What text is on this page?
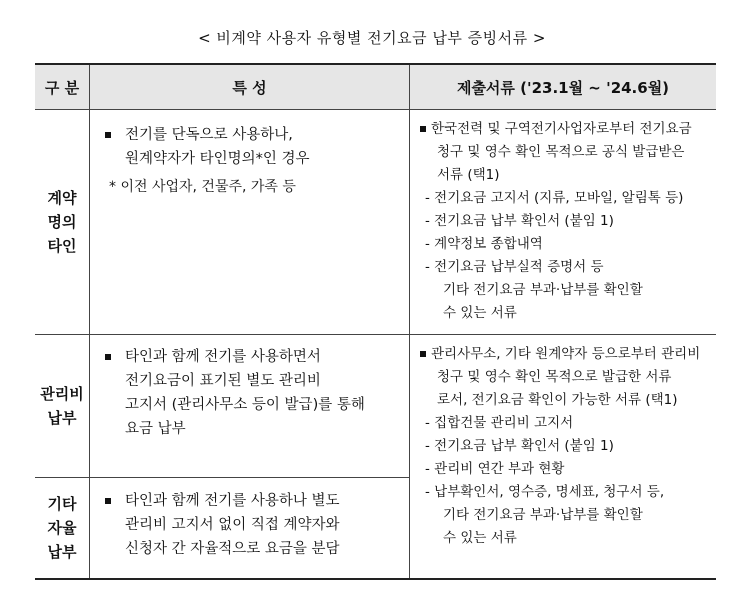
< 비계약 사용자 유형별 전기요금 납부 증빙서류 >
구 분	특 성	제출서류 ('23.1월 ~ '24.6월)
계약
명의
타인
전기를 단독으로 사용하나,
원계약자가 타인명의*인 경우
* 이전 사업자, 건물주, 가족 등
한국전력 및 구역전기사업자로부터 전기요금
청구 및 영수 확인 목적으로 공식 발급받은
서류 (택1)
- 전기요금 고지서 (지류, 모바일, 알림톡 등)
- 전기요금 납부 확인서 (붙임 1)
- 계약정보 종합내역
- 전기요금 납부실적 증명서 등
기타 전기요금 부과·납부를 확인할
수 있는 서류
관리비
납부
타인과 함께 전기를 사용하면서
전기요금이 표기된 별도 관리비
고지서 (관리사무소 등이 발급)를 통해
요금 납부
기타
자율
납부
타인과 함께 전기를 사용하나 별도
관리비 고지서 없이 직접 계약자와
신청자 간 자율적으로 요금을 분담
관리사무소, 기타 원계약자 등으로부터 관리비
청구 및 영수 확인 목적으로 발급한 서류
로서, 전기요금 확인이 가능한 서류 (택1)
- 집합건물 관리비 고지서
- 전기요금 납부 확인서 (붙임 1)
- 관리비 연간 부과 현황
- 납부확인서, 영수증, 명세표, 청구서 등,
기타 전기요금 부과·납부를 확인할
수 있는 서류
